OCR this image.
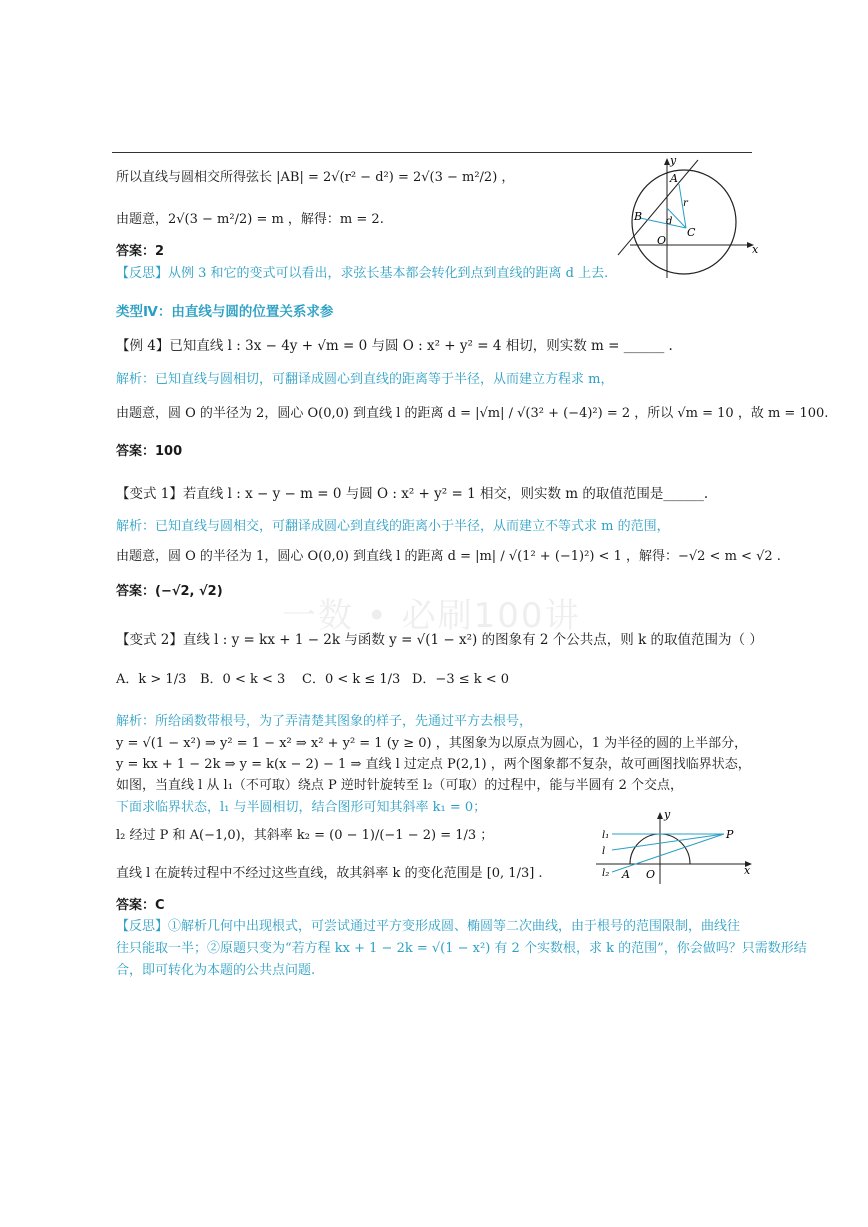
一数 • 必刷100讲
所以直线与圆相交所得弦长 |AB| = 2√(r² − d²) = 2√(3 − m²/2) ，
由题意，2√(3 − m²/2) = m ，解得：m = 2.
答案：2
【反思】从例 3 和它的变式可以看出，求弦长基本都会转化到点到直线的距离 d 上去.
y
x
A
B
C
O
r
d
类型Ⅳ：由直线与圆的位置关系求参
【例 4】已知直线 l : 3x − 4y + √m = 0 与圆 O : x² + y² = 4 相切，则实数 m = ______ .
解析：已知直线与圆相切，可翻译成圆心到直线的距离等于半径，从而建立方程求 m，
由题意，圆 O 的半径为 2，圆心 O(0,0) 到直线 l 的距离 d = |√m| / √(3² + (−4)²) = 2 ，所以 √m = 10 ，故 m = 100.
答案：100
【变式 1】若直线 l : x − y − m = 0 与圆 O : x² + y² = 1 相交，则实数 m 的取值范围是______.
解析：已知直线与圆相交，可翻译成圆心到直线的距离小于半径，从而建立不等式求 m 的范围，
由题意，圆 O 的半径为 1，圆心 O(0,0) 到直线 l 的距离 d = |m| / √(1² + (−1)²) < 1 ，解得：−√2 < m < √2 .
答案：(−√2, √2)
【变式 2】直线 l : y = kx + 1 − 2k 与函数 y = √(1 − x²) 的图象有 2 个公共点，则 k 的取值范围为（ ）
A．k > 1/3 B．0 < k < 3 C．0 < k ≤ 1/3 D．−3 ≤ k < 0
解析：所给函数带根号，为了弄清楚其图象的样子，先通过平方去根号，
y = √(1 − x²) ⇒ y² = 1 − x² ⇒ x² + y² = 1 (y ≥ 0) ，其图象为以原点为圆心，1 为半径的圆的上半部分，
y = kx + 1 − 2k ⇒ y = k(x − 2) − 1 ⇒ 直线 l 过定点 P(2,1) ，两个图象都不复杂，故可画图找临界状态，
如图，当直线 l 从 l₁（不可取）绕点 P 逆时针旋转至 l₂（可取）的过程中，能与半圆有 2 个交点，
下面求临界状态，l₁ 与半圆相切，结合图形可知其斜率 k₁ = 0；
l₂ 经过 P 和 A(−1,0)，其斜率 k₂ = (0 − 1)/(−1 − 2) = 1/3 ；
直线 l 在旋转过程中不经过这些直线，故其斜率 k 的变化范围是 [0, 1/3] .
答案：C
【反思】①解析几何中出现根式，可尝试通过平方变形成圆、椭圆等二次曲线，由于根号的范围限制，曲线往
往只能取一半；②原题只变为“若方程 kx + 1 − 2k = √(1 − x²) 有 2 个实数根，求 k 的范围”，你会做吗？只需数形结
合，即可转化为本题的公共点问题.
y
x
P
A O
l₁
l
l₂
